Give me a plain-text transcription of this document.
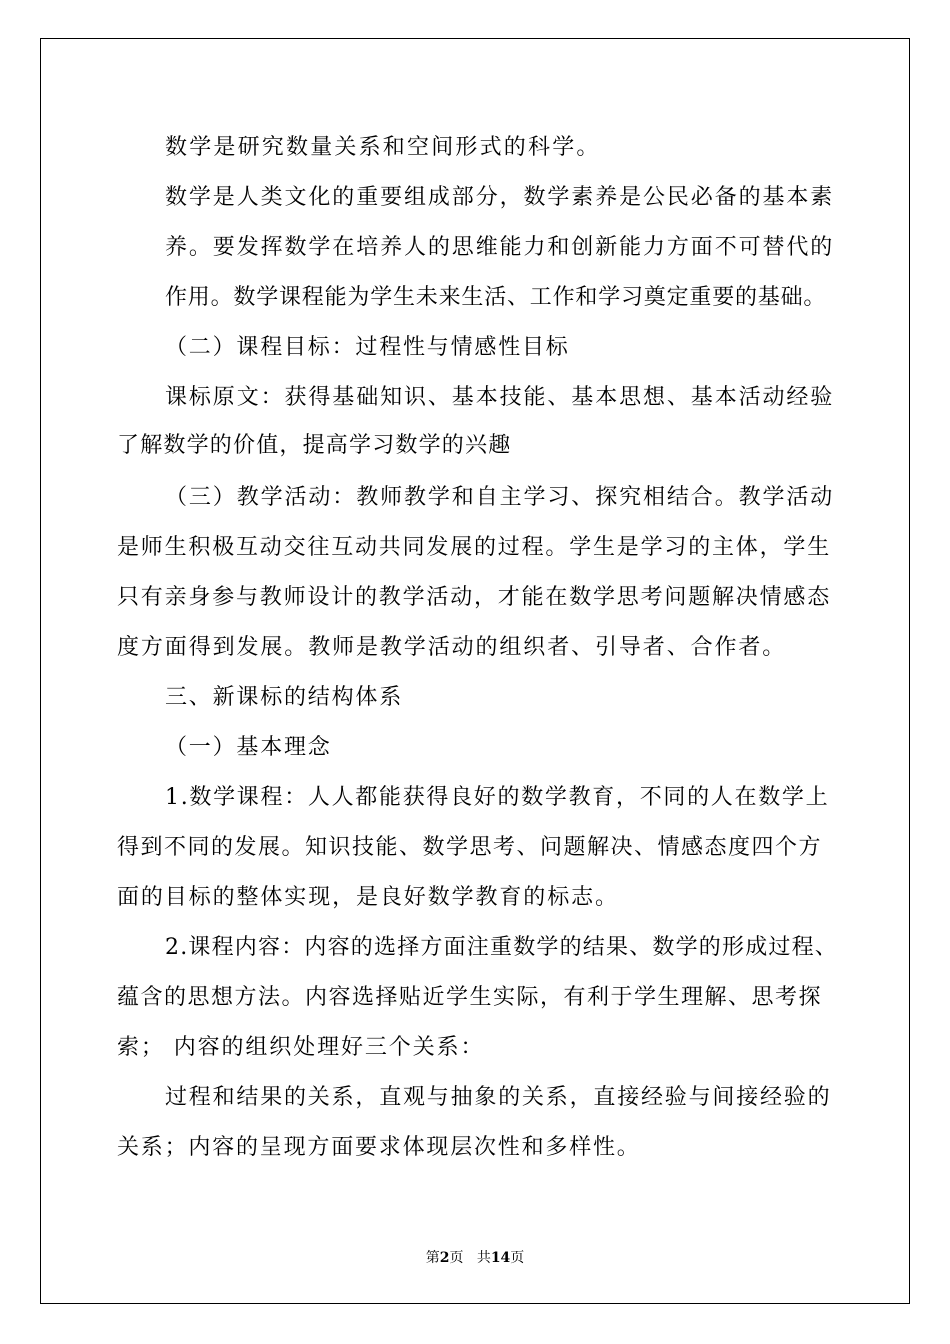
数学是研究数量关系和空间形式的科学。
数学是人类文化的重要组成部分，数学素养是公民必备的基本素
养。要发挥数学在培养人的思维能力和创新能力方面不可替代的
作用。数学课程能为学生未来生活、工作和学习奠定重要的基础。
（二）课程目标：过程性与情感性目标
课标原文：获得基础知识、基本技能、基本思想、基本活动经验
了解数学的价值，提高学习数学的兴趣
（三）教学活动：教师教学和自主学习、探究相结合。教学活动
是师生积极互动交往互动共同发展的过程。学生是学习的主体，学生
只有亲身参与教师设计的教学活动，才能在数学思考问题解决情感态
度方面得到发展。教师是教学活动的组织者、引导者、合作者。
三、新课标的结构体系
（一）基本理念
1.数学课程：人人都能获得良好的数学教育，不同的人在数学上
得到不同的发展。知识技能、数学思考、问题解决、情感态度四个方
面的目标的整体实现，是良好数学教育的标志。
2.课程内容：内容的选择方面注重数学的结果、数学的形成过程、
蕴含的思想方法。内容选择贴近学生实际，有利于学生理解、思考探
索； 内容的组织处理好三个关系：
过程和结果的关系，直观与抽象的关系，直接经验与间接经验的
关系；内容的呈现方面要求体现层次性和多样性。
第2页 共14页
